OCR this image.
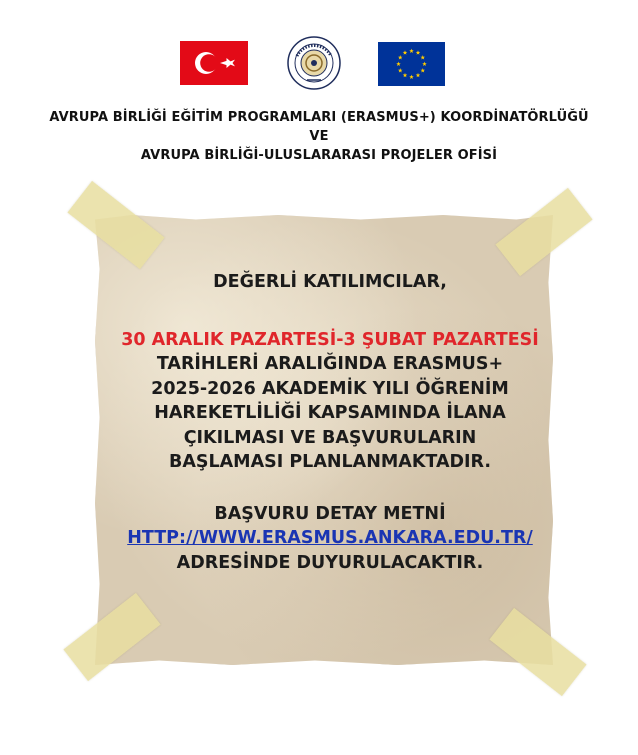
AVRUPA BİRLİĞİ EĞİTİM PROGRAMLARI (ERASMUS+) KOORDİNATÖRLÜĞÜ
VE
AVRUPA BİRLİĞİ-ULUSLARARASI PROJELER OFİSİ
DEĞERLİ KATILIMCILAR,
30 ARALIK PAZARTESİ-3 ŞUBAT PAZARTESİ
TARİHLERİ ARALIĞINDA ERASMUS+
2025-2026 AKADEMİK YILI ÖĞRENİM
HAREKETLİLİĞİ KAPSAMINDA İLANA
ÇIKILMASI VE BAŞVURULARIN
BAŞLAMASI PLANLANMAKTADIR.
BAŞVURU DETAY METNİ
HTTP://WWW.ERASMUS.ANKARA.EDU.TR/
ADRESİNDE DUYURULACAKTIR.
